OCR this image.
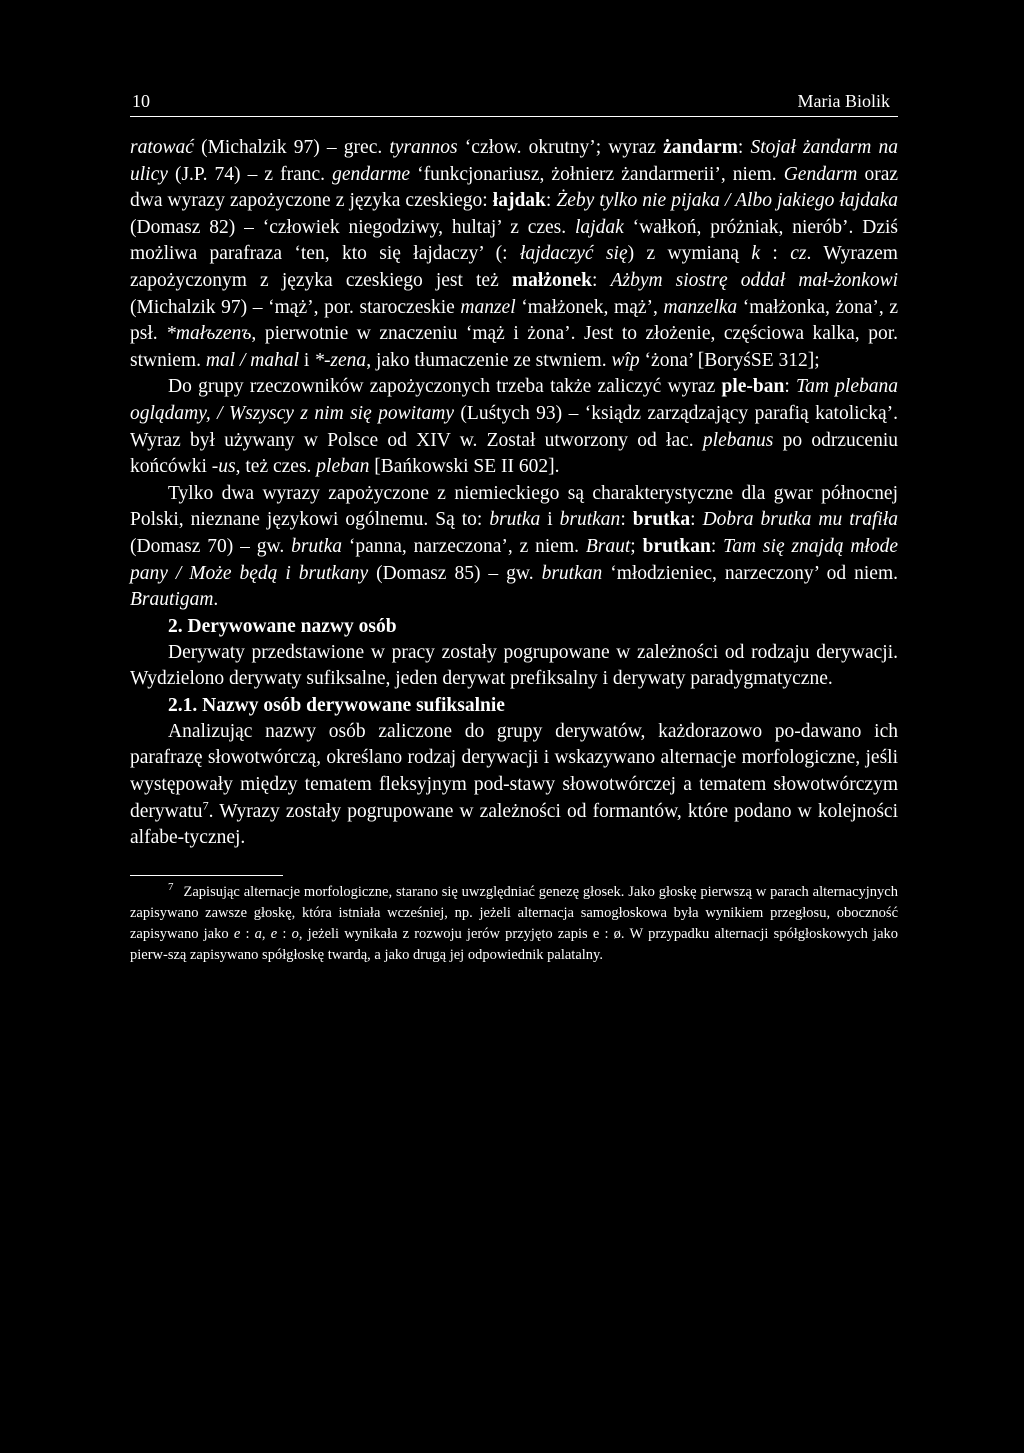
10	Maria Biolik

ratować (Michalzik 97) – grec. tyrannos ‘człow. okrutny’; wyraz żandarm: Stojał żandarm na ulicy (J.P. 74) – z franc. gendarme ‘funkcjonariusz, żołnierz żandarmerii’, niem. Gendarm oraz dwa wyrazy zapożyczone z języka czeskiego: łajdak: Żeby tylko nie pijaka / Albo jakiego łajdaka (Domasz 82) – ‘człowiek niegodziwy, hultaj’ z czes. lajdak ‘wałkoń, próżniak, nierób’. Dziś możliwa parafraza ‘ten, kto się łajdaczy’ (: łajdaczyć się) z wymianą k : cz. Wyrazem zapożyczonym z języka czeskiego jest też małżonek: Ażbym siostrę oddał mał-żonkowi (Michalzik 97) – ‘mąż’, por. staroczeskie manzel ‘małżonek, mąż’, manzelka ‘małżonka, żona’, z psł. *małъzenъ, pierwotnie w znaczeniu ‘mąż i żona’. Jest to złożenie, częściowa kalka, por. stwniem. mal / mahal i *-zena, jako tłumaczenie ze stwniem. wîp ‘żona’ [BoryśSE 312];

Do grupy rzeczowników zapożyczonych trzeba także zaliczyć wyraz ple-ban: Tam plebana oglądamy, / Wszyscy z nim się powitamy (Luśtych 93) – ‘ksiądz zarządzający parafią katolicką’. Wyraz był używany w Polsce od XIV w. Został utworzony od łac. plebanus po odrzuceniu końcówki -us, też czes. pleban [Bańkowski SE II 602].

Tylko dwa wyrazy zapożyczone z niemieckiego są charakterystyczne dla gwar północnej Polski, nieznane językowi ogólnemu. Są to: brutka i brutkan: brutka: Dobra brutka mu trafiła (Domasz 70) – gw. brutka ‘panna, narzeczona’, z niem. Braut; brutkan: Tam się znajdą młode pany / Może będą i brutkany (Domasz 85) – gw. brutkan ‘młodzieniec, narzeczony’ od niem. Brautigam.

2. Derywowane nazwy osób

Derywaty przedstawione w pracy zostały pogrupowane w zależności od rodzaju derywacji. Wydzielono derywaty sufiksalne, jeden derywat prefiksalny i derywaty paradygmatyczne.

2.1. Nazwy osób derywowane sufiksalnie

Analizując nazwy osób zaliczone do grupy derywatów, każdorazowo po-dawano ich parafrazę słowotwórczą, określano rodzaj derywacji i wskazywano alternacje morfologiczne, jeśli występowały między tematem fleksyjnym pod-stawy słowotwórczej a tematem słowotwórczym derywatu$^7$. Wyrazy zostały pogrupowane w zależności od formantów, które podano w kolejności alfabe-tycznej.

$^7$ Zapisując alternacje morfologiczne, starano się uwzględniać genezę głosek. Jako głoskę pierwszą w parach alternacyjnych zapisywano zawsze głoskę, która istniała wcześniej, np. jeżeli alternacja samogłoskowa była wynikiem przegłosu, oboczność zapisywano jako e : a, e : o, jeżeli wynikała z rozwoju jerów przyjęto zapis e : ø. W przypadku alternacji spółgłoskowych jako pierw-szą zapisywano spółgłoskę twardą, a jako drugą jej odpowiednik palatalny.
